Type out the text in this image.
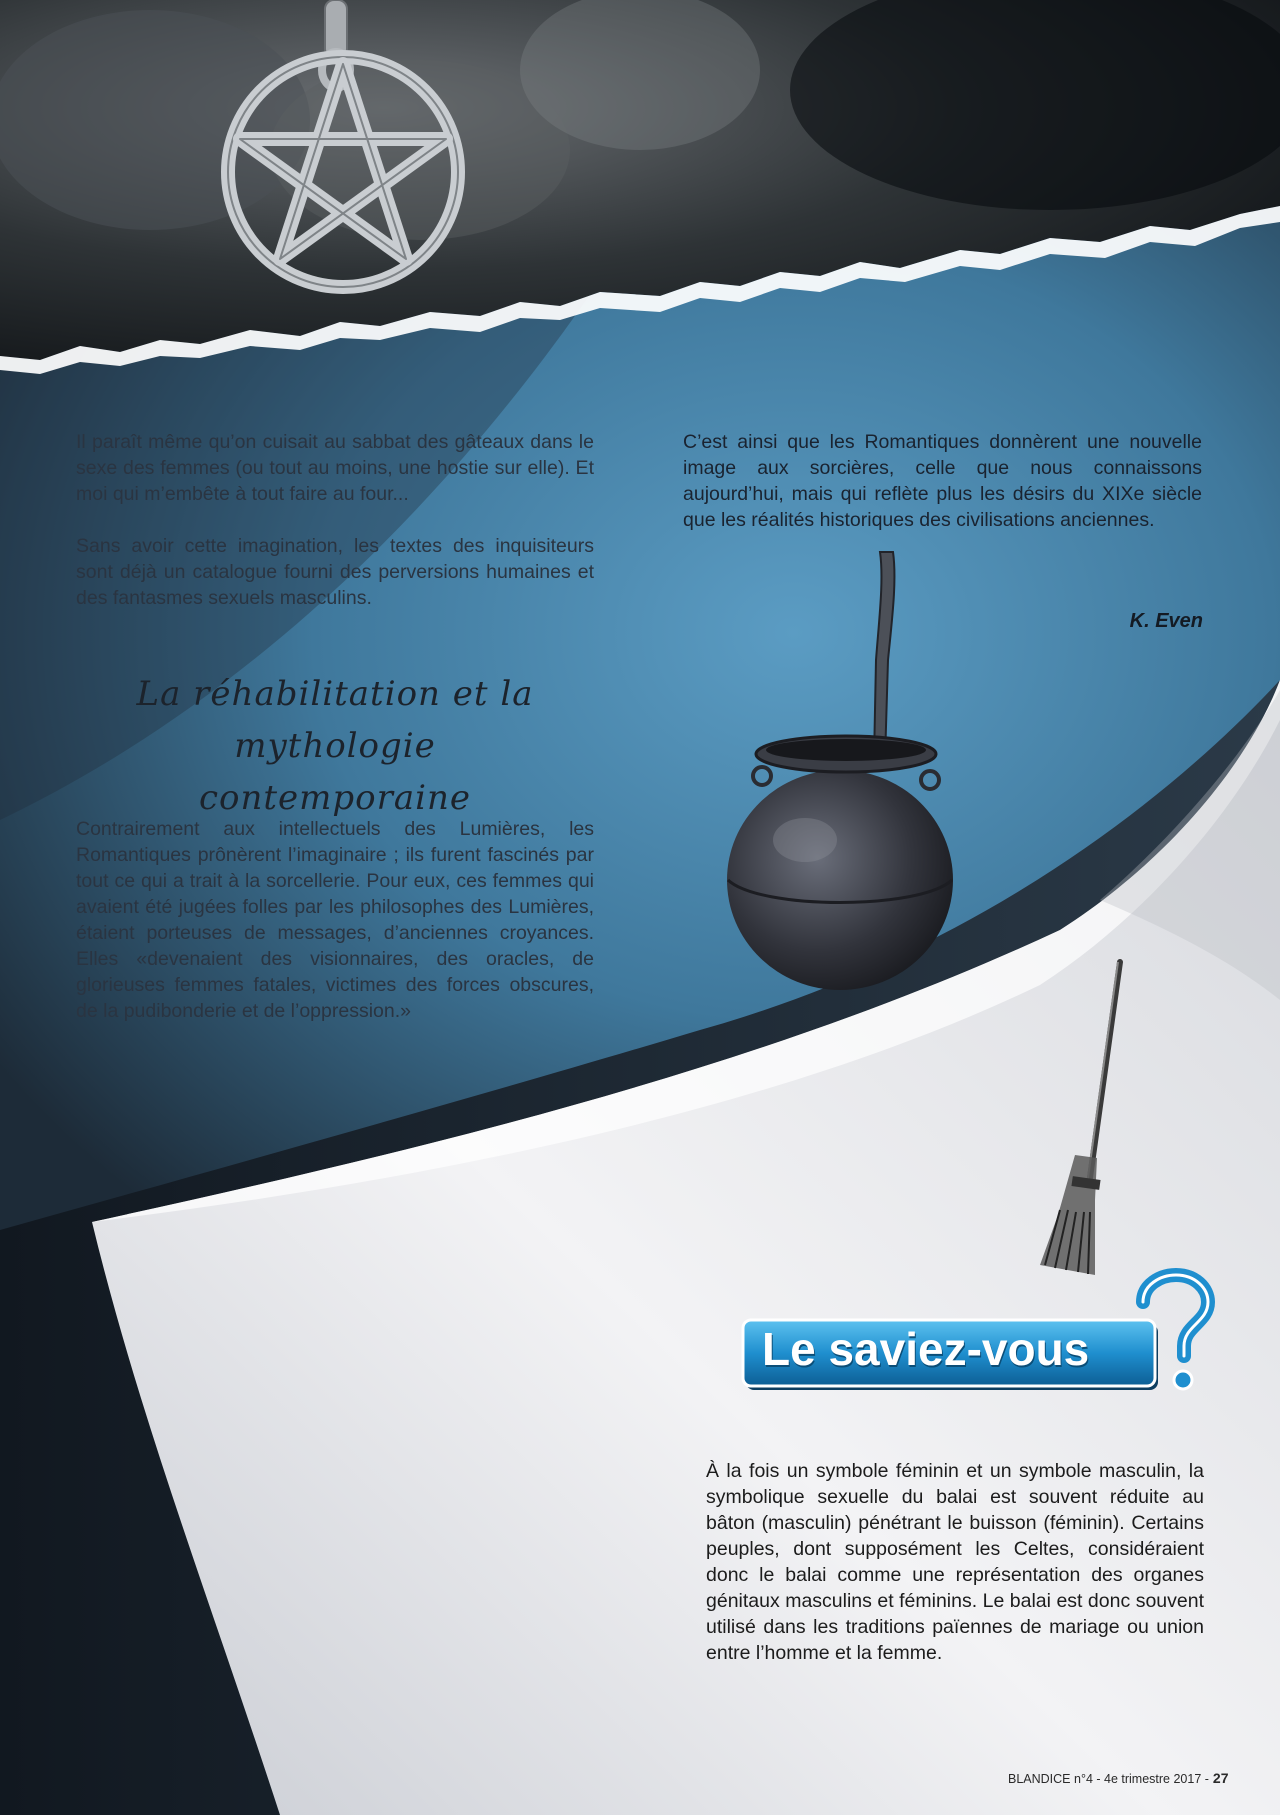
Il paraît même qu’on cuisait au sabbat des gâteaux dans le sexe des femmes (ou tout au moins, une hostie sur elle). Et moi qui m’embête à tout faire au four...

Sans avoir cette imagination, les textes des inquisiteurs sont déjà un catalogue fourni des perversions humaines et des fantasmes sexuels masculins.

La réhabilitation et la mythologie
contemporaine

Contrairement aux intellectuels des Lumières, les Romantiques prônèrent l’imaginaire ; ils furent fascinés par tout ce qui a trait à la sorcellerie. Pour eux, ces femmes qui avaient été jugées folles par les philosophes des Lumières, étaient porteuses de messages, d’anciennes croyances. Elles «devenaient des visionnaires, des oracles, de glorieuses femmes fatales, victimes des forces obscures, de la pudibonderie et de l’oppression.»

C’est ainsi que les Romantiques donnèrent une nouvelle image aux sorcières, celle que nous connaissons aujourd’hui, mais qui reflète plus les désirs du XIXe siècle que les réalités historiques des civilisations anciennes.

K. Even
Le saviez-vous

À la fois un symbole féminin et un symbole masculin, la symbolique sexuelle du balai est souvent réduite au bâton (masculin) pénétrant le buisson (féminin). Certains peuples, dont supposément les Celtes, considéraient donc le balai comme une représentation des organes génitaux masculins et féminins. Le balai est donc souvent utilisé dans les traditions païennes de mariage ou union entre l’homme et la femme.

BLANDICE n°4 - 4e trimestre 2017 - 27
